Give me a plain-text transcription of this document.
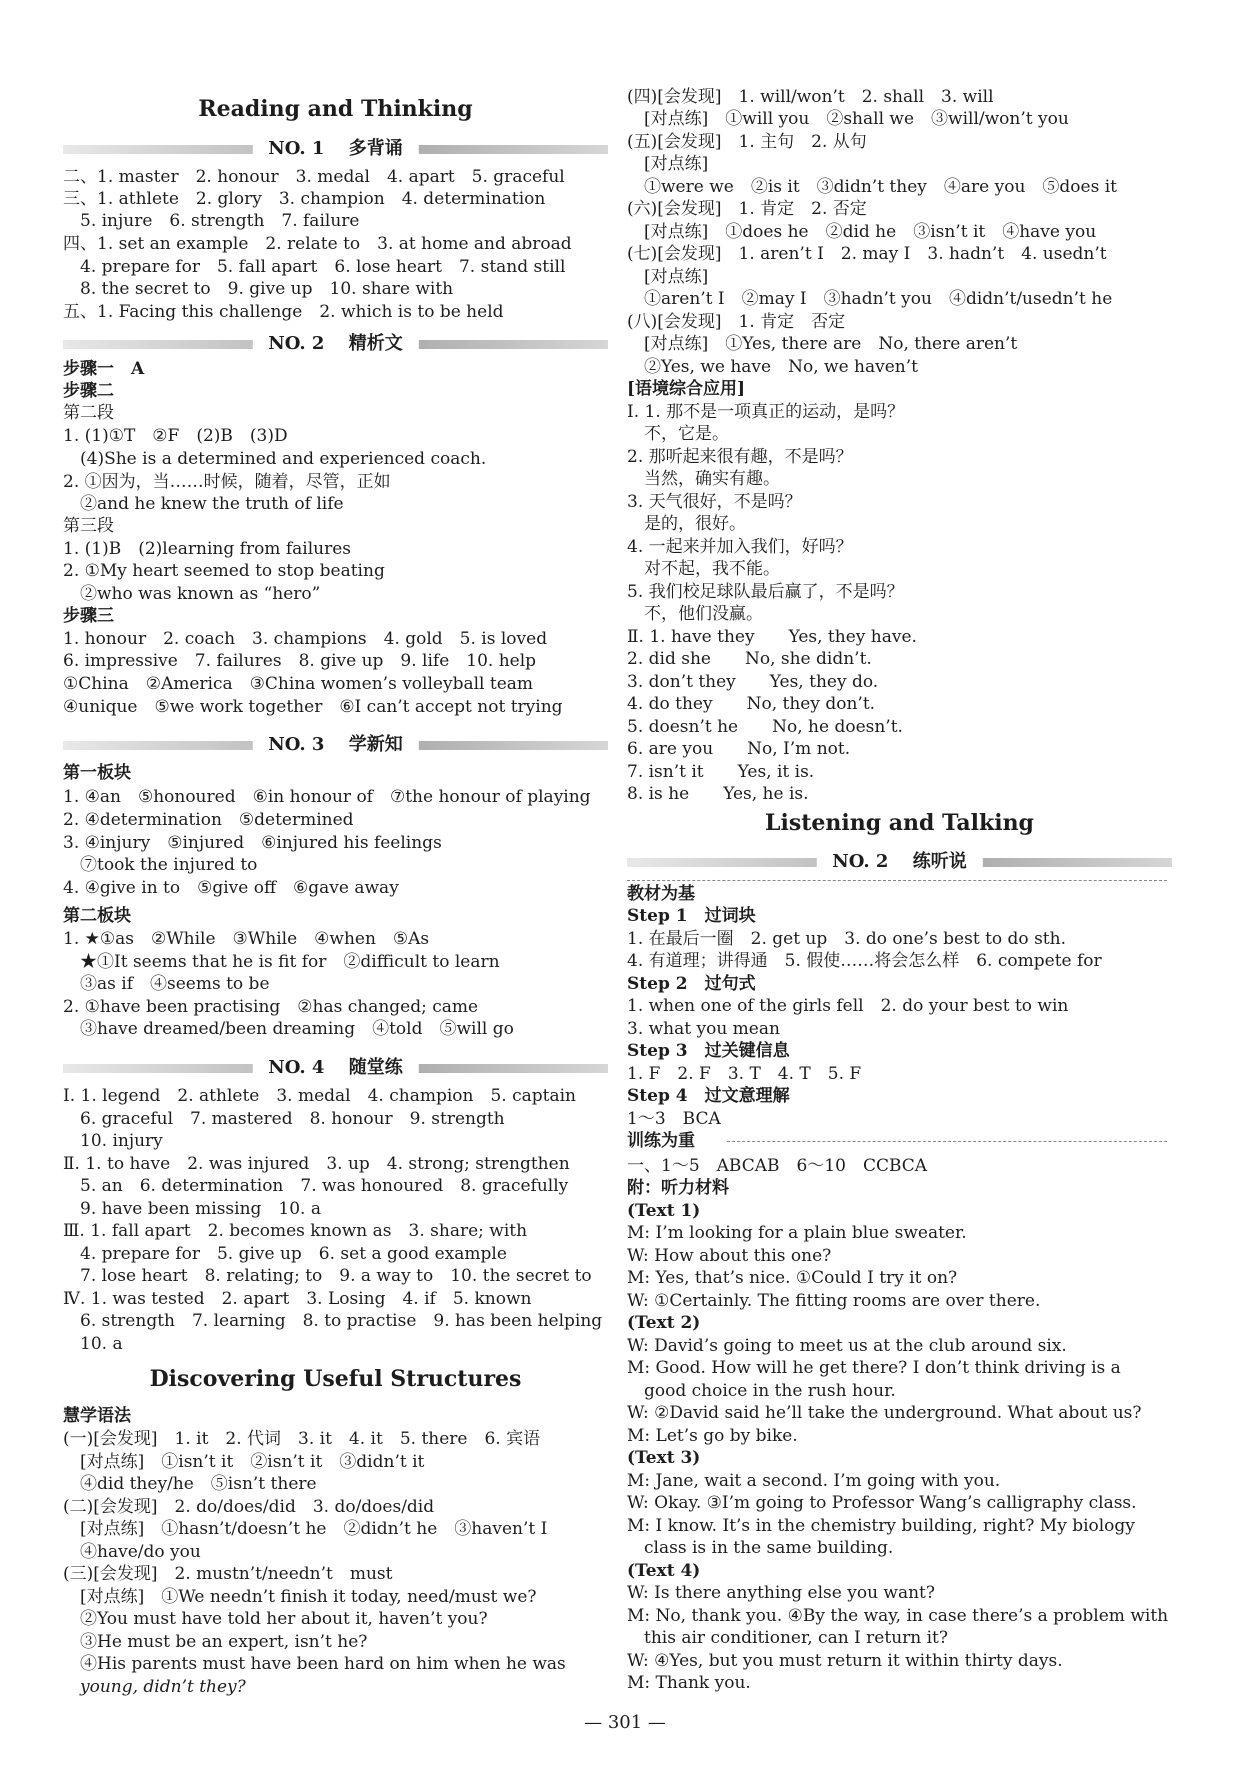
Reading and Thinking
NO. 1　 多背诵
二、1. master　2. honour　3. medal　4. apart　5. graceful
三、1. athlete　2. glory　3. champion　4. determination
　5. injure　6. strength　7. failure
四、1. set an example　2. relate to　3. at home and abroad
　4. prepare for　5. fall apart　6. lose heart　7. stand still
　8. the secret to　9. give up　10. share with
五、1. Facing this challenge　2. which is to be held
NO. 2　 精析文
步骤一　A
步骤二
第二段
1. (1)①T　②F　(2)B　(3)D
　(4)She is a determined and experienced coach.
2. ①因为，当……时候，随着，尽管，正如
　②and he knew the truth of life
第三段
1. (1)B　(2)learning from failures
2. ①My heart seemed to stop beating
　②who was known as “hero”
步骤三
1. honour　2. coach　3. champions　4. gold　5. is loved
6. impressive　7. failures　8. give up　9. life　10. help
①China　②America　③China women’s volleyball team
④unique　⑤we work together　⑥I can’t accept not trying
NO. 3　 学新知
第一板块
1. ④an　⑤honoured　⑥in honour of　⑦the honour of playing
2. ④determination　⑤determined
3. ④injury　⑤injured　⑥injured his feelings
　⑦took the injured to
4. ④give in to　⑤give off　⑥gave away
第二板块
1. ★①as　②While　③While　④when　⑤As
　★①It seems that he is fit for　②difficult to learn
　③as if　④seems to be
2. ①have been practising　②has changed; came
　③have dreamed/been dreaming　④told　⑤will go
NO. 4　 随堂练
Ⅰ. 1. legend　2. athlete　3. medal　4. champion　5. captain
　6. graceful　7. mastered　8. honour　9. strength
　10. injury
Ⅱ. 1. to have　2. was injured　3. up　4. strong; strengthen
　5. an　6. determination　7. was honoured　8. gracefully
　9. have been missing　10. a
Ⅲ. 1. fall apart　2. becomes known as　3. share; with
　4. prepare for　5. give up　6. set a good example
　7. lose heart　8. relating; to　9. a way to　10. the secret to
Ⅳ. 1. was tested　2. apart　3. Losing　4. if　5. known
　6. strength　7. learning　8. to practise　9. has been helping
　10. a
Discovering Useful Structures
慧学语法
(一)[会发现]　1. it　2. 代词　3. it　4. it　5. there　6. 宾语
　[对点练]　①isn’t it　②isn’t it　③didn’t it
　④did they/he　⑤isn’t there
(二)[会发现]　2. do/does/did　3. do/does/did
　[对点练]　①hasn’t/doesn’t he　②didn’t he　③haven’t I
　④have/do you
(三)[会发现]　2. mustn’t/needn’t　must
　[对点练]　①We needn’t finish it today, need/must we?
　②You must have told her about it, haven’t you?
　③He must be an expert, isn’t he?
　④His parents must have been hard on him when he was
　young, didn’t they?
(四)[会发现]　1. will/won’t　2. shall　3. will
　[对点练]　①will you　②shall we　③will/won’t you
(五)[会发现]　1. 主句　2. 从句
　[对点练]
　①were we　②is it　③didn’t they　④are you　⑤does it
(六)[会发现]　1. 肯定　2. 否定
　[对点练]　①does he　②did he　③isn’t it　④have you
(七)[会发现]　1. aren’t I　2. may I　3. hadn’t　4. usedn’t
　[对点练]
　①aren’t I　②may I　③hadn’t you　④didn’t/usedn’t he
(八)[会发现]　1. 肯定　否定
　[对点练]　①Yes, there are　No, there aren’t
　②Yes, we have　No, we haven’t
[语境综合应用]
Ⅰ. 1. 那不是一项真正的运动，是吗？
　不，它是。
2. 那听起来很有趣，不是吗？
　当然，确实有趣。
3. 天气很好，不是吗？
　是的，很好。
4. 一起来并加入我们，好吗？
　对不起，我不能。
5. 我们校足球队最后赢了，不是吗？
　不，他们没赢。
Ⅱ. 1. have they　　Yes, they have.
2. did she　　No, she didn’t.
3. don’t they　　Yes, they do.
4. do they　　No, they don’t.
5. doesn’t he　　No, he doesn’t.
6. are you　　No, I’m not.
7. isn’t it　　Yes, it is.
8. is he　　Yes, he is.
Listening and Talking
NO. 2　 练听说
教材为基
Step 1　过词块
1. 在最后一圈　2. get up　3. do one’s best to do sth.
4. 有道理；讲得通　5. 假使……将会怎么样　6. compete for
Step 2　过句式
1. when one of the girls fell　2. do your best to win
3. what you mean
Step 3　过关键信息
1. F　2. F　3. T　4. T　5. F
Step 4　过文意理解
1～3　BCA
训练为重
一、1～5　ABCAB　6～10　CCBCA
附：听力材料
(Text 1)
M: I’m looking for a plain blue sweater.
W: How about this one?
M: Yes, that’s nice. ①Could I try it on?
W: ①Certainly. The fitting rooms are over there.
(Text 2)
W: David’s going to meet us at the club around six.
M: Good. How will he get there? I don’t think driving is a
　good choice in the rush hour.
W: ②David said he’ll take the underground. What about us?
M: Let’s go by bike.
(Text 3)
M: Jane, wait a second. I’m going with you.
W: Okay. ③I’m going to Professor Wang’s calligraphy class.
M: I know. It’s in the chemistry building, right? My biology
　class is in the same building.
(Text 4)
W: Is there anything else you want?
M: No, thank you. ④By the way, in case there’s a problem with
　this air conditioner, can I return it?
W: ④Yes, but you must return it within thirty days.
M: Thank you.
— 301 —
